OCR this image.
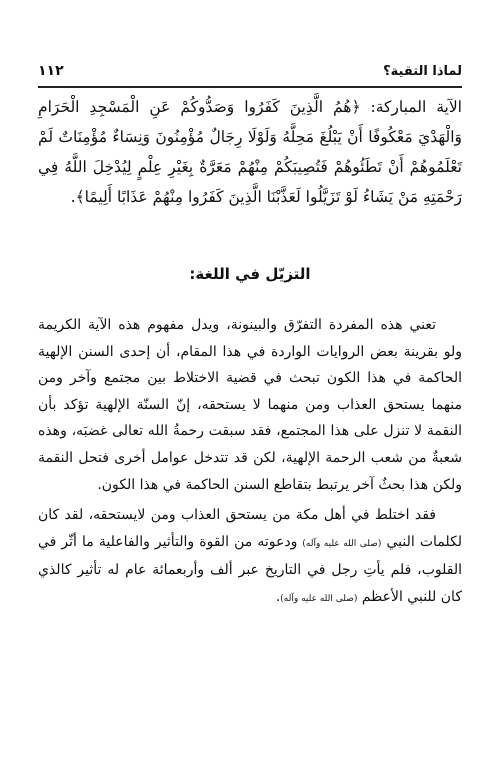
لماذا التقية؟
١١٢
الآية المباركة: ﴿هُمُ الَّذِينَ كَفَرُوا وَصَدُّوكُمْ عَنِ الْمَسْجِدِ الْحَرَامِ وَالْهَدْيَ مَعْكُوفًا أَنْ يَبْلُغَ مَحِلَّهُ وَلَوْلَا رِجَالٌ مُؤْمِنُونَ وَنِسَاءٌ مُؤْمِنَاتٌ لَمْ تَعْلَمُوهُمْ أَنْ تَطَئُوهُمْ فَتُصِيبَكُمْ مِنْهُمْ مَعَرَّةٌ بِغَيْرِ عِلْمٍ لِيُدْخِلَ اللَّهُ فِي رَحْمَتِهِ مَنْ يَشَاءُ لَوْ تَزَيَّلُوا لَعَذَّبْنَا الَّذِينَ كَفَرُوا مِنْهُمْ عَذَابًا أَلِيمًا﴾.
التزيّل في اللغة:

تعني هذه المفردة التفرّق والبينونة، ويدل مفهوم هذه الآية الكريمة ولو بقرينة بعض الروايات الواردة في هذا المقام، أن إحدى السنن الإلهية الحاكمة في هذا الكون تبحث في قضية الاختلاط بين مجتمع وآخر ومن منهما يستحق العذاب ومن منهما لا يستحقه، إنّ السنّة الإلهية تؤكد بأن النقمة لا تنزل على هذا المجتمع، فقد سبقت رحمةُ الله تعالى غضبَه، وهذه شعبةٌ من شعب الرحمة الإلهية، لكن قد تتدخل عوامل أخرى فتحل النقمة ولكن هذا بحثٌ آخر يرتبط بتقاطع السنن الحاكمة في هذا الكون.

فقد اختلط في أهل مكة من يستحق العذاب ومن لايستحقه، لقد كان لكلمات النبي (صلى الله عليه وآله) ودعوته من القوة والتأثير والفاعلية ما أثّر في القلوب، فلم يأتِ رجل في التاريخ عبر ألف وأربعمائة عام له تأثير كالذي كان للنبي الأعظم (صلى الله عليه وآله).
